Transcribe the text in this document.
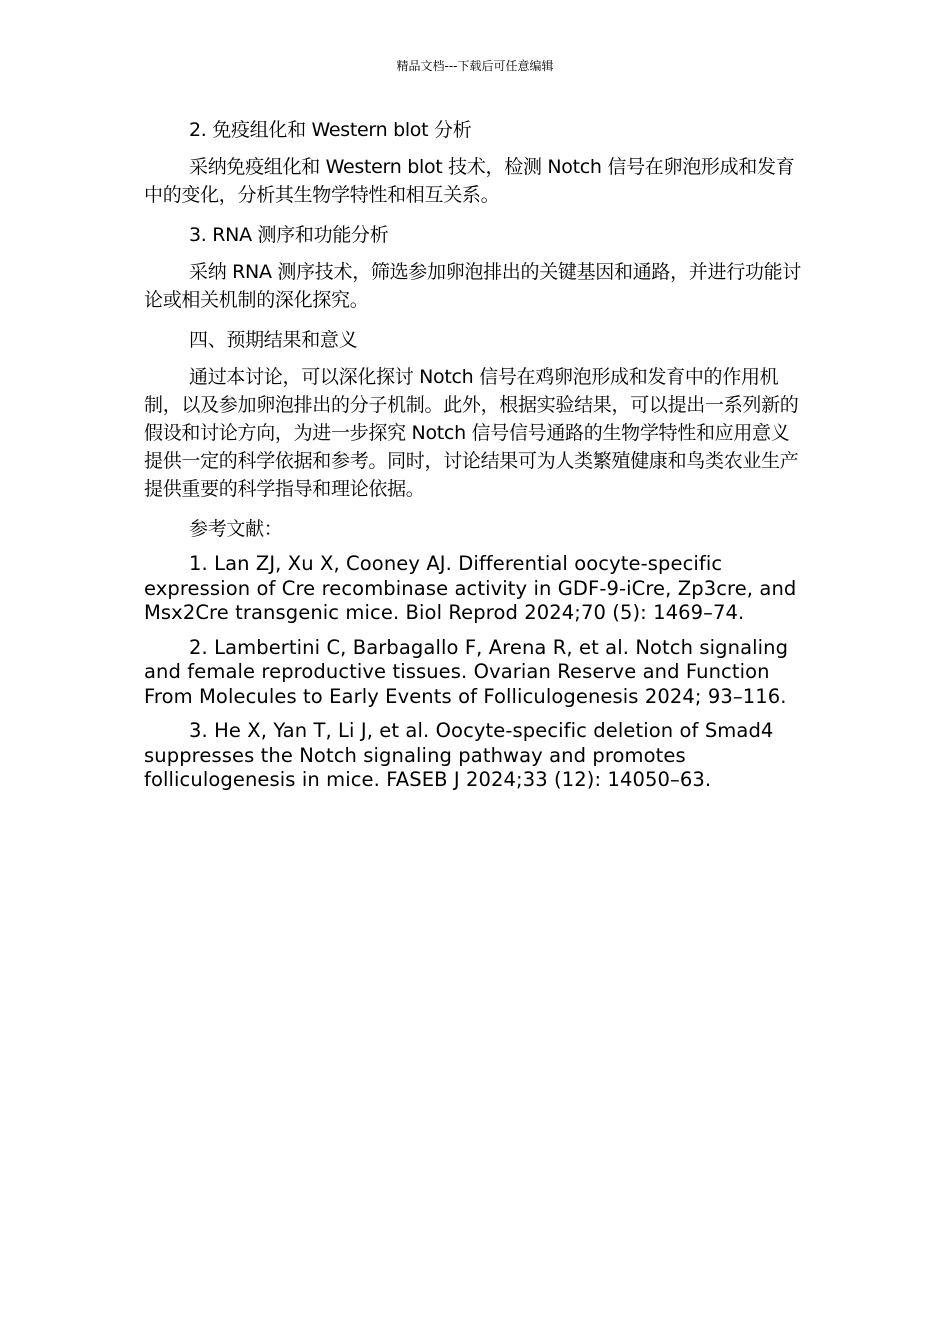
精品文档---下载后可任意编辑

2. 免疫组化和 Western blot 分析

采纳免疫组化和 Western blot 技术，检测 Notch 信号在卵泡形成和发育中的变化，分析其生物学特性和相互关系。

3. RNA 测序和功能分析

采纳 RNA 测序技术，筛选参加卵泡排出的关键基因和通路，并进行功能讨论或相关机制的深化探究。

四、预期结果和意义

通过本讨论，可以深化探讨 Notch 信号在鸡卵泡形成和发育中的作用机制，以及参加卵泡排出的分子机制。此外，根据实验结果，可以提出一系列新的假设和讨论方向，为进一步探究 Notch 信号信号通路的生物学特性和应用意义提供一定的科学依据和参考。同时，讨论结果可为人类繁殖健康和鸟类农业生产提供重要的科学指导和理论依据。

参考文献：

1. Lan ZJ, Xu X, Cooney AJ. Differential oocyte-specific expression of Cre recombinase activity in GDF-9-iCre, Zp3cre, and Msx2Cre transgenic mice. Biol Reprod 2024;70 (5): 1469–74.

2. Lambertini C, Barbagallo F, Arena R, et al. Notch signaling and female reproductive tissues. Ovarian Reserve and Function From Molecules to Early Events of Folliculogenesis 2024; 93–116.

3. He X, Yan T, Li J, et al. Oocyte-specific deletion of Smad4 suppresses the Notch signaling pathway and promotes folliculogenesis in mice. FASEB J 2024;33 (12): 14050–63.
